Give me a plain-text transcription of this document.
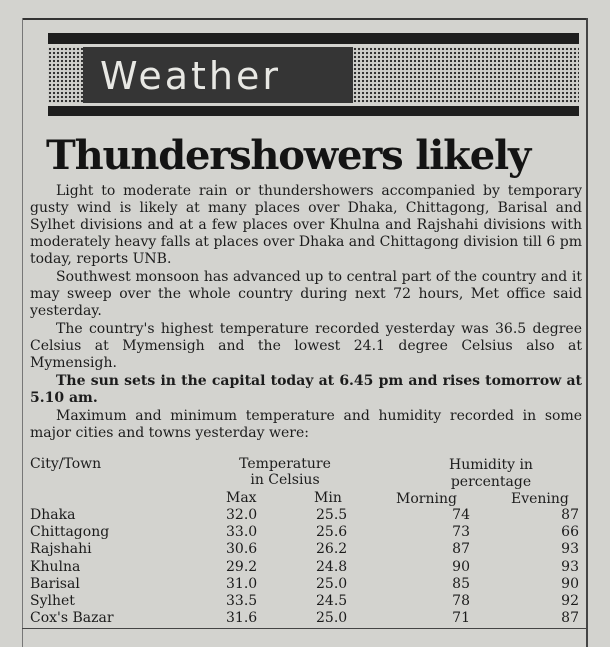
Weather
Thundershowers likely

Light to moderate rain or thundershowers accompanied by temporary gusty wind is likely at many places over Dhaka, Chittagong, Barisal and Sylhet divisions and at a few places over Khulna and Rajshahi divisions with moderately heavy falls at places over Dhaka and Chittagong division till 6 pm today, reports UNB.

Southwest monsoon has advanced up to central part of the country and it may sweep over the whole country during next 72 hours, Met office said yesterday.

The country's highest temperature recorded yesterday was 36.5 degree Celsius at Mymensigh and the lowest 24.1 degree Celsius also at Mymensigh.

The sun sets in the capital today at 6.45 pm and rises tomorrow at 5.10 am.

Maximum and minimum temperature and humidity recorded in some major cities and towns yesterday were:

City/Town	Temperature
in Celsius
Humidity in
percentage
Max	Min	Morning	Evening
Dhaka	32.0	25.5	74	87
Chittagong	33.0	25.6	73	66
Rajshahi	30.6	26.2	87	93
Khulna	29.2	24.8	90	93
Barisal	31.0	25.0	85	90
Sylhet	33.5	24.5	78	92
Cox's Bazar	31.6	25.0	71	87
